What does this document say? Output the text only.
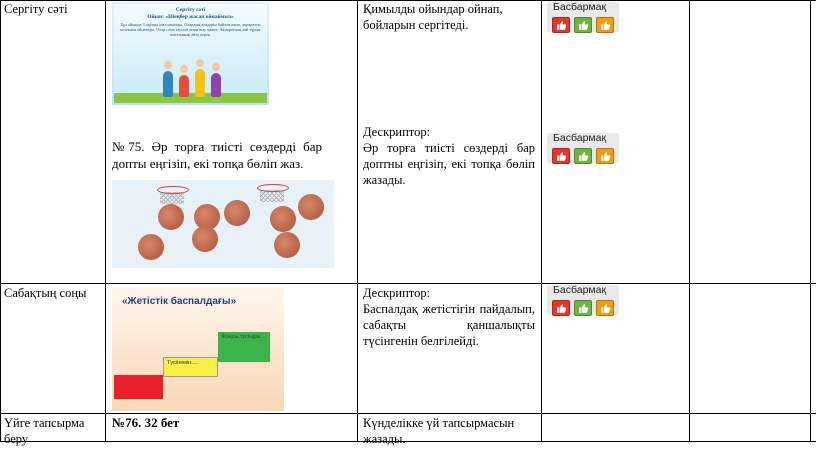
Сергіту сәті	Сергіту сәті
Ойын: «Шеңбер жасап ойнаймыз»
Бұл ойында 3 оқушы алға шығады. Олардың көздерін байлап алып, ақпаратты кезекпен ойнатады. Олар сома таусып атын атау қажет. Ақпараттың хай түріне жататынын айту керек.
№75. Әр торға тиісті сөздерді бар допты еңгізіп, екі топқа бөліп жаз.
Қимылды ойындар ойнап, бойларын сергітеді.
Дескриптор:
Әр торға тиісті сөздерді бар доптны еңгізіп, екі топқа бөліп жазады.
Басбармақ
Басбармақ
Сабақтың соңы
«Жетістік баспалдағы»
Түсінемін.....
Жақсы түсіндім...
Дескриптор:
Баспалдақ жетістігін пайдалып, сабақты қаншалықты түсінгенін белгілейді.
Басбармақ
Үйге тапсырма беру
№76. 32 бет	Күнделікке үй тапсырмасын жазады.
